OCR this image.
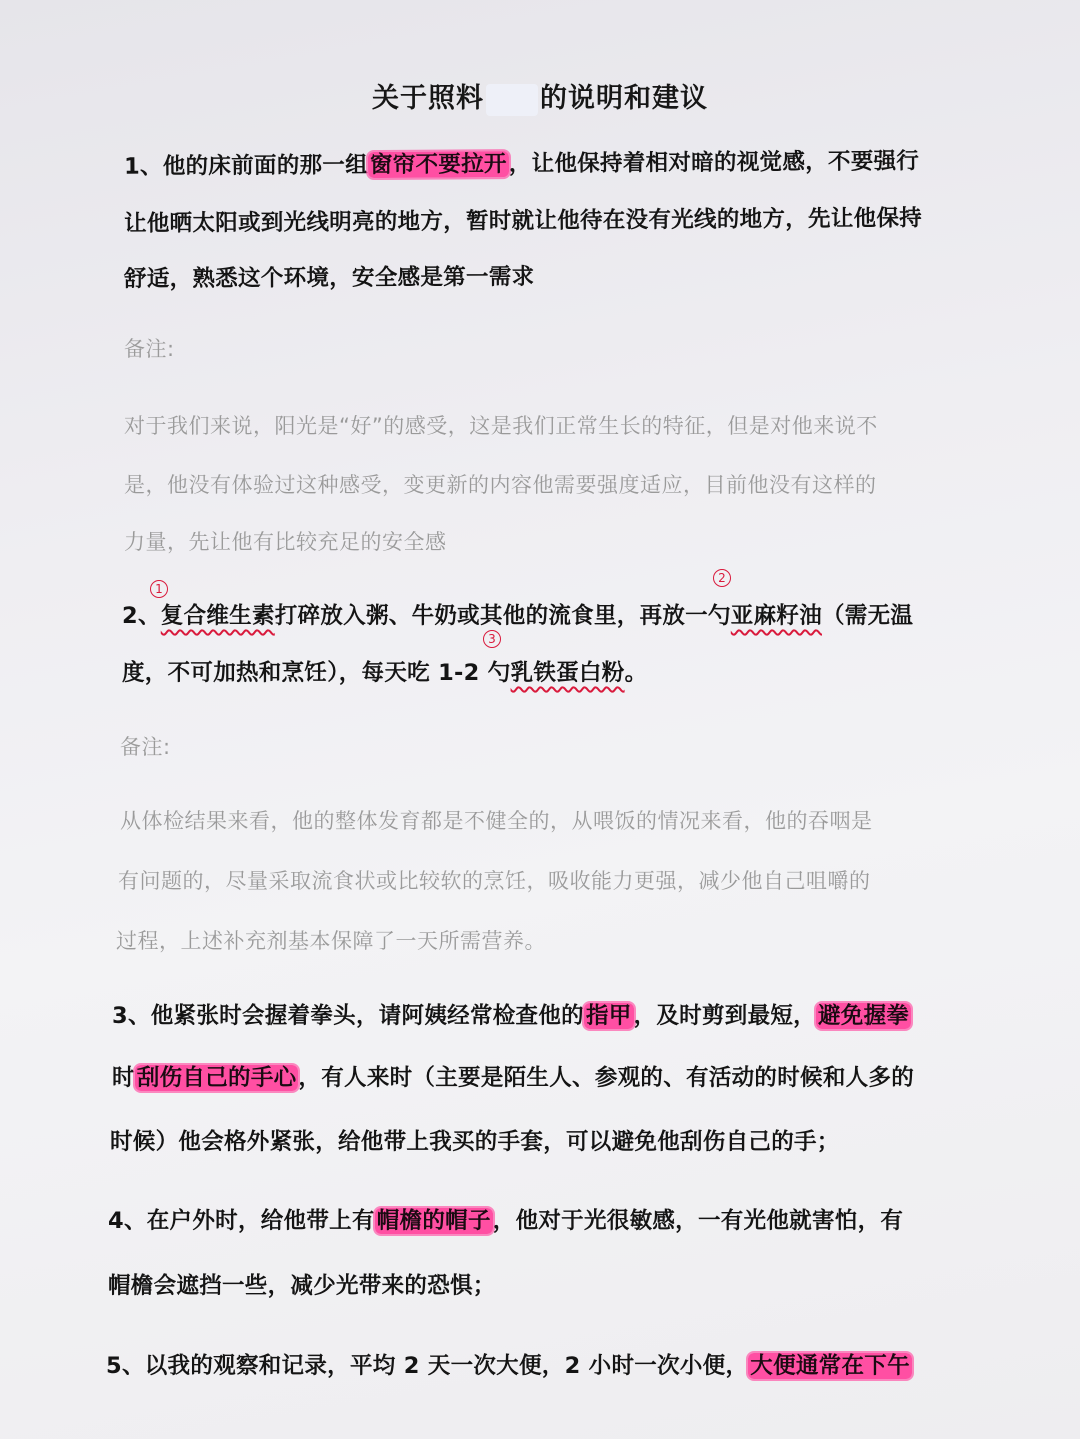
关于照料 的说明和建议
1、他的床前面的那一组窗帘不要拉开，让他保持着相对暗的视觉感，不要强行
让他晒太阳或到光线明亮的地方，暂时就让他待在没有光线的地方，先让他保持
舒适，熟悉这个环境，安全感是第一需求
备注:
对于我们来说，阳光是“好”的感受，这是我们正常生长的特征，但是对他来说不
是，他没有体验过这种感受，变更新的内容他需要强度适应，目前他没有这样的
力量，先让他有比较充足的安全感
1
2
3
2、复合维生素打碎放入粥、牛奶或其他的流食里，再放一勺亚麻籽油（需无温
度，不可加热和烹饪），每天吃 1-2 勺乳铁蛋白粉。
备注:
从体检结果来看，他的整体发育都是不健全的，从喂饭的情况来看，他的吞咽是
有问题的，尽量采取流食状或比较软的烹饪，吸收能力更强，减少他自己咀嚼的
过程，上述补充剂基本保障了一天所需营养。
3、他紧张时会握着拳头，请阿姨经常检查他的指甲，及时剪到最短，避免握拳
时刮伤自己的手心，有人来时（主要是陌生人、参观的、有活动的时候和人多的
时候）他会格外紧张，给他带上我买的手套，可以避免他刮伤自己的手；
4、在户外时，给他带上有帽檐的帽子，他对于光很敏感，一有光他就害怕，有
帽檐会遮挡一些，减少光带来的恐惧；
5、以我的观察和记录，平均 2 天一次大便，2 小时一次小便，大便通常在下午
